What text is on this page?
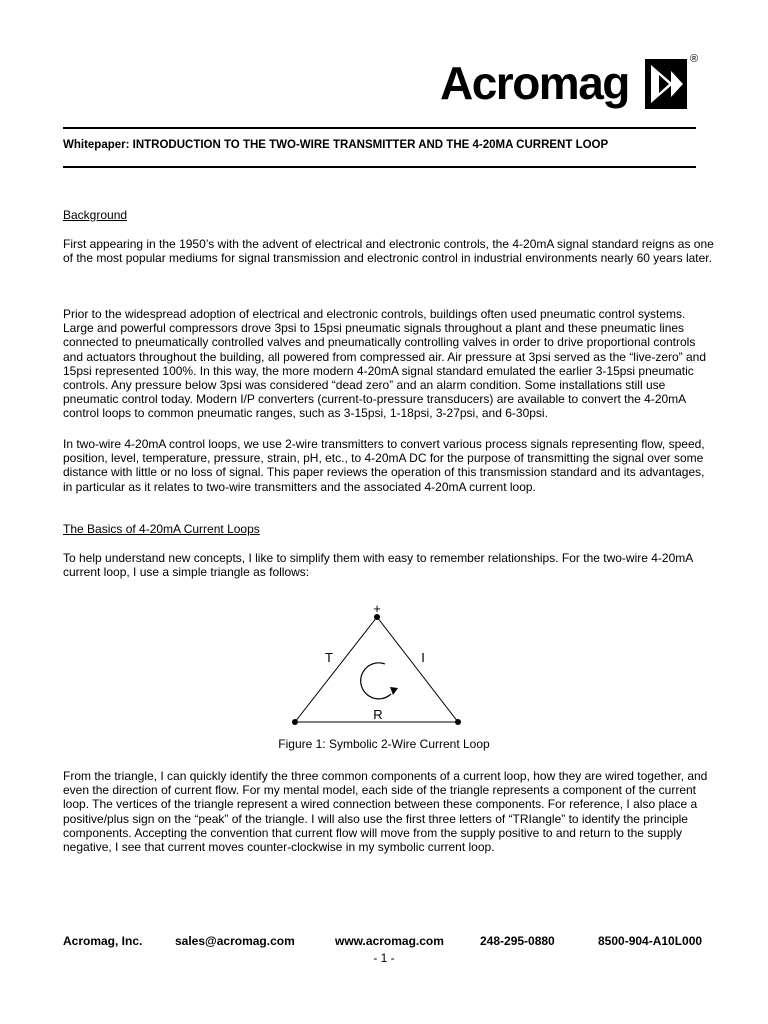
Acromag	®
Whitepaper: INTRODUCTION TO THE TWO-WIRE TRANSMITTER AND THE 4-20MA CURRENT LOOP
Background
First appearing in the 1950’s with the advent of electrical and electronic controls, the 4-20mA signal standard reigns as one of the most popular mediums for signal transmission and electronic control in industrial environments nearly 60 years later.
Prior to the widespread adoption of electrical and electronic controls, buildings often used pneumatic control systems. Large and powerful compressors drove 3psi to 15psi pneumatic signals throughout a plant and these pneumatic lines connected to pneumatically controlled valves and pneumatically controlling valves in order to drive proportional controls and actuators throughout the building, all powered from compressed air. Air pressure at 3psi served as the “live-zero” and 15psi represented 100%. In this way, the more modern 4-20mA signal standard emulated the earlier 3-15psi pneumatic controls. Any pressure below 3psi was considered “dead zero” and an alarm condition. Some installations still use pneumatic control today. Modern I/P converters (current-to-pressure transducers) are available to convert the 4-20mA control loops to common pneumatic ranges, such as 3-15psi, 1-18psi, 3-27psi, and 6-30psi.
In two-wire 4-20mA control loops, we use 2-wire transmitters to convert various process signals representing flow, speed, position, level, temperature, pressure, strain, pH, etc., to 4-20mA DC for the purpose of transmitting the signal over some distance with little or no loss of signal. This paper reviews the operation of this transmission standard and its advantages, in particular as it relates to two-wire transmitters and the associated 4-20mA current loop.
The Basics of 4-20mA Current Loops
To help understand new concepts, I like to simplify them with easy to remember relationships. For the two-wire 4-20mA current loop, I use a simple triangle as follows:
+
T	I
R
Figure 1: Symbolic 2-Wire Current Loop
From the triangle, I can quickly identify the three common components of a current loop, how they are wired together, and even the direction of current flow. For my mental model, each side of the triangle represents a component of the current loop. The vertices of the triangle represent a wired connection between these components. For reference, I also place a positive/plus sign on the “peak” of the triangle. I will also use the first three letters of “TRIangle” to identify the principle components. Accepting the convention that current flow will move from the supply positive to and return to the supply negative, I see that current moves counter-clockwise in my symbolic current loop.
Acromag, Inc.	sales@acromag.com	www.acromag.com	248-295-0880	8500-904-A10L000
- 1 -
